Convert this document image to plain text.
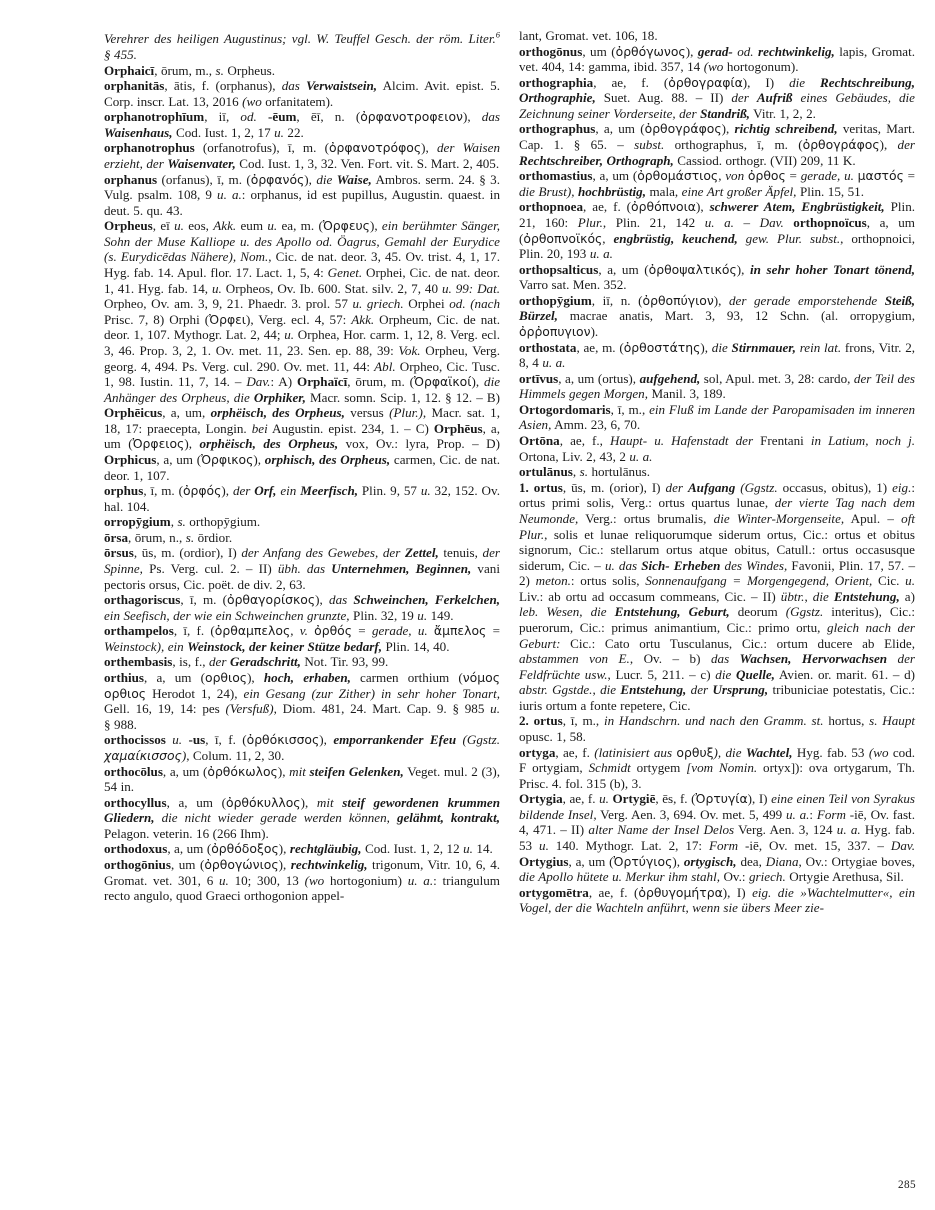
Verehrer des heiligen Augustinus; vgl. W. Teuffel Gesch. der röm. Liter.$^6$ § 455.

Orphaicī, ōrum, m., s. Orpheus.

orphanitās, ātis, f. (orphanus), das Verwaistsein, Alcim. Avit. epist. 5. Corp. inscr. Lat. 13, 2016 (wo orfanitatem).

orphanotrophīum, iī, od. -ēum, ēī, n. (ὀρφανοτροφειον), das Waisenhaus, Cod. Iust. 1, 2, 17 u. 22.

orphanotrophus (orfanotrofus), ī, m. (ὀρφανοτρόφος), der Waisen erzieht, der Waisenvater, Cod. Iust. 1, 3, 32. Ven. Fort. vit. S. Mart. 2, 405.

orphanus (orfanus), ī, m. (ὀρφανός), die Waise, Ambros. serm. 24. § 3. Vulg. psalm. 108, 9 u. a.: orphanus, id est pupillus, Augustin. quaest. in deut. 5. qu. 43.

Orpheus, eī u. eos, Akk. eum u. ea, m. (Ὀρφευς), ein berühmter Sänger, Sohn der Muse Kalliope u. des Apollo od. Öagrus, Gemahl der Eurydice (s. Eurydicēdas Nähere), Nom., Cic. de nat. deor. 3, 45. Ov. trist. 4, 1, 17. Hyg. fab. 14. Apul. flor. 17. Lact. 1, 5, 4: Genet. Orphei, Cic. de nat. deor. 1, 41. Hyg. fab. 14, u. Orpheos, Ov. Ib. 600. Stat. silv. 2, 7, 40 u. 99: Dat. Orpheo, Ov. am. 3, 9, 21. Phaedr. 3. prol. 57 u. griech. Orphei od. (nach Prisc. 7, 8) Orphi (Ὀρφει), Verg. ecl. 4, 57: Akk. Orpheum, Cic. de nat. deor. 1, 107. Mythogr. Lat. 2, 44; u. Orphea, Hor. carm. 1, 12, 8. Verg. ecl. 3, 46. Prop. 3, 2, 1. Ov. met. 11, 23. Sen. ep. 88, 39: Vok. Orpheu, Verg. georg. 4, 494. Ps. Verg. cul. 290. Ov. met. 11, 44: Abl. Orpheo, Cic. Tusc. 1, 98. Iustin. 11, 7, 14. – Dav.: A) Orphaïcī, ōrum, m. (Ὀρφαϊκοί), die Anhänger des Orpheus, die Orphiker, Macr. somn. Scip. 1, 12. § 12. – B) Orphēicus, a, um, orphëisch, des Orpheus, versus (Plur.), Macr. sat. 1, 18, 17: praecepta, Longin. bei Augustin. epist. 234, 1. – C) Orphēus, a, um (Ὀρφειος), orphëisch, des Orpheus, vox, Ov.: lyra, Prop. – D) Orphicus, a, um (Ὀρφικος), orphisch, des Orpheus, carmen, Cic. de nat. deor. 1, 107.

orphus, ī, m. (ὀρφός), der Orf, ein Meerfisch, Plin. 9, 57 u. 32, 152. Ov. hal. 104.

orropȳgium, s. orthopȳgium.

ōrsa, ōrum, n., s. ōrdior.

ōrsus, ūs, m. (ordior), I) der Anfang des Gewebes, der Zettel, tenuis, der Spinne, Ps. Verg. cul. 2. – II) übh. das Unternehmen, Beginnen, vani pectoris orsus, Cic. poët. de div. 2, 63.

orthagoriscus, ī, m. (ὀρθαγορίσκος), das Schweinchen, Ferkelchen, ein Seefisch, der wie ein Schweinchen grunzte, Plin. 32, 19 u. 149.

orthampelos, ī, f. (ὀρθαμπελος, v. ὀρθός = gerade, u. ἄμπελος = Weinstock), ein Weinstock, der keiner Stütze bedarf, Plin. 14, 40.

orthembasis, is, f., der Geradschritt, Not. Tir. 93, 99.

orthius, a, um (ορθιος), hoch, erhaben, carmen orthium (νόμος ορθιος Herodot 1, 24), ein Gesang (zur Zither) in sehr hoher Tonart, Gell. 16, 19, 14: pes (Versfuß), Diom. 481, 24. Mart. Cap. 9. § 985 u. § 988.

orthocissos u. -us, ī, f. (ὀρθόκισσος), emporrankender Efeu (Ggstz. χαμαίκισσος), Colum. 11, 2, 30.

orthocōlus, a, um (ὀρθόκωλος), mit steifen Gelenken, Veget. mul. 2 (3), 54 in.

orthocyllus, a, um (ὀρθόκυλλος), mit steif gewordenen krummen Gliedern, die nicht wieder gerade werden können, gelähmt, kontrakt, Pelagon. veterin. 16 (266 Ihm).

orthodoxus, a, um (ὀρθόδοξος), rechtgläubig, Cod. Iust. 1, 2, 12 u. 14.

orthogōnius, um (ὀρθογώνιος), rechtwinkelig, trigonum, Vitr. 10, 6, 4. Gromat. vet. 301, 6 u. 10; 300, 13 (wo hortogonium) u. a.: triangulum recto angulo, quod Graeci orthogonion appel-

lant, Gromat. vet. 106, 18.

orthogōnus, um (ὀρθόγωνος), gerad- od. rechtwinkelig, lapis, Gromat. vet. 404, 14: gamma, ibid. 357, 14 (wo hortogonum).

orthographia, ae, f. (ὀρθογραφία), I) die Rechtschreibung, Orthographie, Suet. Aug. 88. – II) der Aufriß eines Gebäudes, die Zeichnung seiner Vorderseite, der Standriß, Vitr. 1, 2, 2.

orthographus, a, um (ὀρθογράφος), richtig schreibend, veritas, Mart. Cap. 1. § 65. – subst. orthographus, ī, m. (ὀρθογράφος), der Rechtschreiber, Orthograph, Cassiod. orthogr. (VII) 209, 11 K.

orthomastius, a, um (ὀρθομάστιος, von ὀρθος = gerade, u. μαστός = die Brust), hochbrüstig, mala, eine Art großer Äpfel, Plin. 15, 51.

orthopnoea, ae, f. (ὀρθόπνοια), schwerer Atem, Engbrüstigkeit, Plin. 21, 160: Plur., Plin. 21, 142 u. a. – Dav. orthopnoïcus, a, um (ὀρθοπνοϊκός, engbrüstig, keuchend, gew. Plur. subst., orthopnoici, Plin. 20, 193 u. a.

orthopsalticus, a, um (ὀρθοψαλτικός), in sehr hoher Tonart tönend, Varro sat. Men. 352.

orthopȳgium, iī, n. (ὀρθοπύγιον), der gerade emporstehende Steiß, Bürzel, macrae anatis, Mart. 3, 93, 12 Schn. (al. orropygium, ὀρῤοπυγιον).

orthostata, ae, m. (ὀρθοστάτης), die Stirnmauer, rein lat. frons, Vitr. 2, 8, 4 u. a.

ortīvus, a, um (ortus), aufgehend, sol, Apul. met. 3, 28: cardo, der Teil des Himmels gegen Morgen, Manil. 3, 189.

Ortogordomaris, ī, m., ein Fluß im Lande der Paropamisaden im inneren Asien, Amm. 23, 6, 70.

Ortōna, ae, f., Haupt- u. Hafenstadt der Frentani in Latium, noch j. Ortona, Liv. 2, 43, 2 u. a.

ortulānus, s. hortulānus.

1. ortus, ūs, m. (orior), I) der Aufgang (Ggstz. occasus, obitus), 1) eig.: ortus primi solis, Verg.: ortus quartus lunae, der vierte Tag nach dem Neumonde, Verg.: ortus brumalis, die Winter-Morgenseite, Apul. – oft Plur., solis et lunae reliquorumque siderum ortus, Cic.: ortus et obitus signorum, Cic.: stellarum ortus atque obitus, Catull.: ortus occasusque siderum, Cic. – u. das Sich- Erheben des Windes, Favonii, Plin. 17, 57. – 2) meton.: ortus solis, Sonnenaufgang = Morgengegend, Orient, Cic. u. Liv.: ab ortu ad occasum commeans, Cic. – II) übtr., die Entstehung, a) leb. Wesen, die Entstehung, Geburt, deorum (Ggstz. interitus), Cic.: puerorum, Cic.: primus animantium, Cic.: primo ortu, gleich nach der Geburt: Cic.: Cato ortu Tusculanus, Cic.: ortum ducere ab Elide, abstammen von E., Ov. – b) das Wachsen, Hervorwachsen der Feldfrüchte usw., Lucr. 5, 211. – c) die Quelle, Avien. or. marit. 61. – d) abstr. Ggstde., die Entstehung, der Ursprung, tribuniciae potestatis, Cic.: iuris ortum a fonte repetere, Cic.

2. ortus, ī, m., in Handschrn. und nach den Gramm. st. hortus, s. Haupt opusc. 1, 58.

ortyga, ae, f. (latinisiert aus ορθυξ), die Wachtel, Hyg. fab. 53 (wo cod. F ortygiam, Schmidt ortygem [vom Nomin. ortyx]): ova ortygarum, Th. Prisc. 4. fol. 315 (b), 3.

Ortygia, ae, f. u. Ortygiē, ēs, f. (Ὀρτυγία), I) eine einen Teil von Syrakus bildende Insel, Verg. Aen. 3, 694. Ov. met. 5, 499 u. a.: Form -iē, Ov. fast. 4, 471. – II) alter Name der Insel Delos Verg. Aen. 3, 124 u. a. Hyg. fab. 53 u. 140. Mythogr. Lat. 2, 17: Form -iē, Ov. met. 15, 337. – Dav. Ortygius, a, um (Ὀρτύγιος), ortygisch, dea, Diana, Ov.: Ortygiae boves, die Apollo hütete u. Merkur ihm stahl, Ov.: griech. Ortygie Arethusa, Sil.

ortygomētra, ae, f. (ὀρθυγομήτρα), I) eig. die »Wachtelmutter«, ein Vogel, der die Wachteln anführt, wenn sie übers Meer zie-

285
